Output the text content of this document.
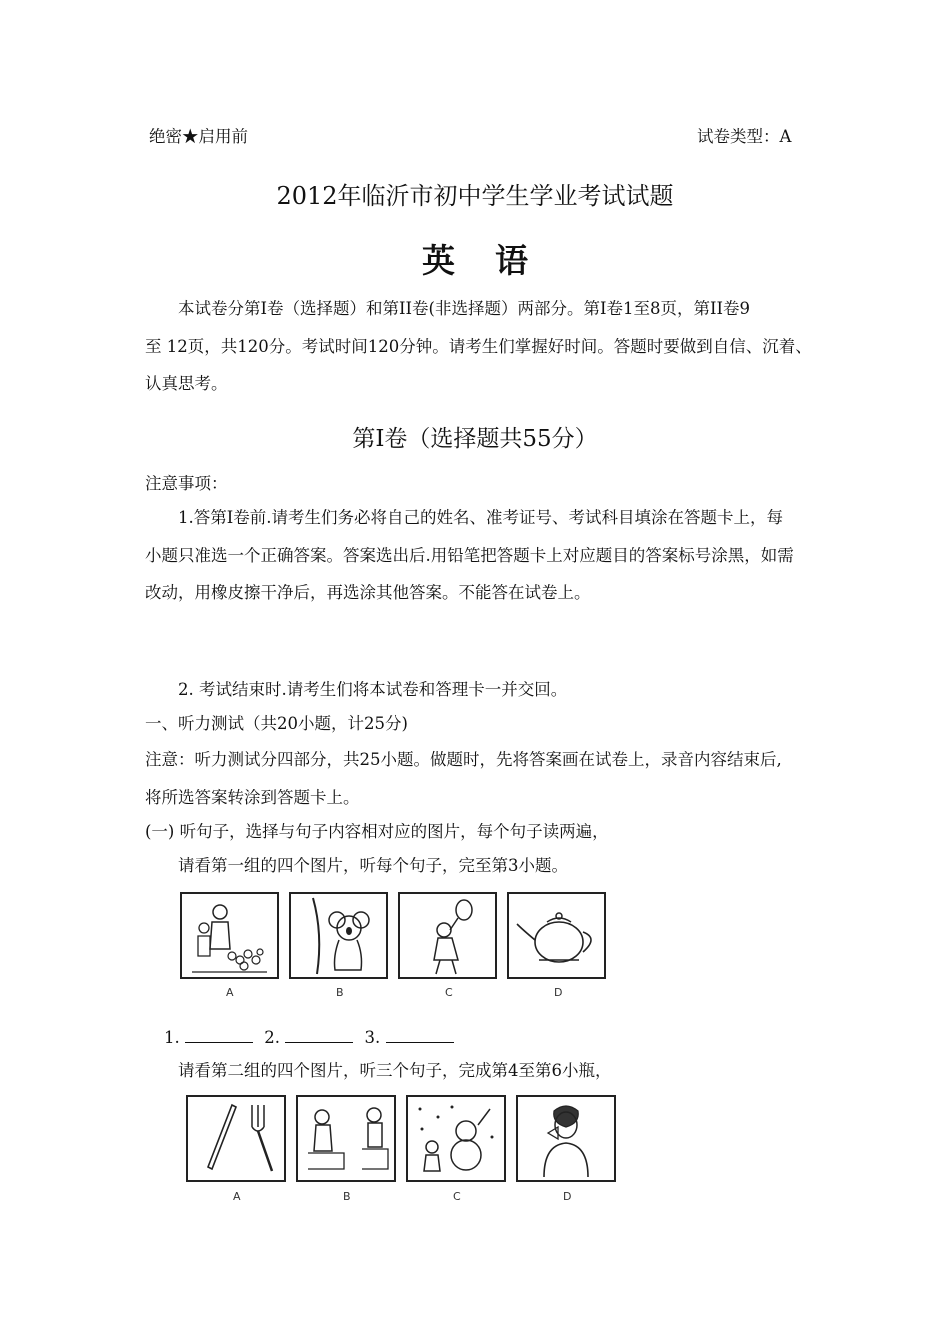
绝密★启用前	试卷类型：A
2012年临沂市初中学生学业考试试题
英 语
本试卷分第I卷（选择题）和第II卷(非选择题）两部分。第I卷1至8页，第II卷9
至 12页，共120分。考试时间120分钟。请考生们掌握好时间。答题时要做到自信、沉着、
认真思考。
第I卷（选择题共55分）
注意事项：
1.答第I卷前.请考生们务必将自己的姓名、准考证号、考试科目填涂在答题卡上，每
小题只准选一个正确答案。答案选出后.用铅笔把答题卡上对应题目的答案标号涂黑，如需
改动，用橡皮擦干净后，再选涂其他答案。不能答在试卷上。
2. 考试结束时.请考生们将本试卷和答理卡一并交回。
一、听力测试（共20小题，计25分)
注意：听力测试分四部分，共25小题。做题时，先将答案画在试卷上，录音内容结束后,
将所选答案转涂到答题卡上。
(一) 听句子，选择与句子内容相对应的图片，每个句子读两遍，
请看第一组的四个图片，听每个句子，完至第3小题。
A	B	C	D
1.	2.	3.
请看第二组的四个图片，听三个句子，完成第4至第6小瓶，
A	B	C	D
